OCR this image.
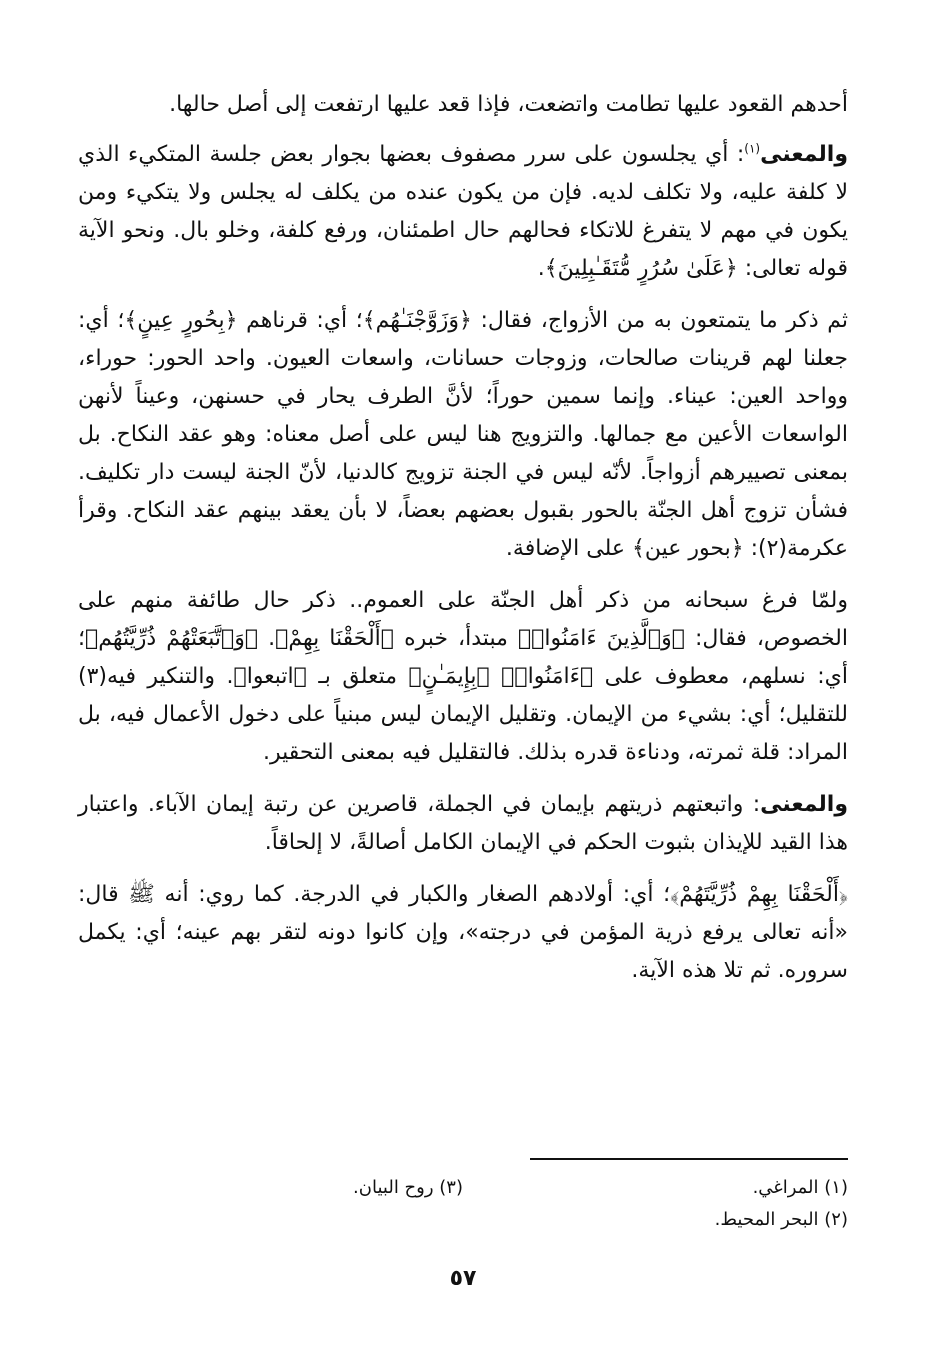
أحدهم القعود عليها تطامت واتضعت، فإذا قعد عليها ارتفعت إلى أصل حالها.

والمعنى$^{(١)}$: أي يجلسون على سرر مصفوف بعضها بجوار بعض جلسة المتكيء الذي لا كلفة عليه، ولا تكلف لديه. فإن من يكون عنده من يكلف له يجلس ولا يتكيء ومن يكون في مهم لا يتفرغ للاتكاء فحالهم حال اطمئنان، ورفع كلفة، وخلو بال. ونحو الآية قوله تعالى: ﴿عَلَىٰ سُرُرٍ مُّتَقَـٰبِلِينَ﴾.

ثم ذكر ما يتمتعون به من الأزواج، فقال: ﴿وَزَوَّجْنَـٰهُم﴾؛ أي: قرناهم ﴿بِحُورٍ عِينٍ﴾؛ أي: جعلنا لهم قرينات صالحات، وزوجات حسانات، واسعات العيون. واحد الحور: حوراء، وواحد العين: عيناء. وإنما سمين حوراً؛ لأنَّ الطرف يحار في حسنهن، وعيناً لأنهن الواسعات الأعين مع جمالها. والتزويج هنا ليس على أصل معناه: وهو عقد النكاح. بل بمعنى تصييرهم أزواجاً. لأنّه ليس في الجنة تزويج كالدنيا، لأنّ الجنة ليست دار تكليف. فشأن تزوج أهل الجنّة بالحور بقبول بعضهم بعضاً، لا بأن يعقد بينهم عقد النكاح. وقرأ عكرمة(٢): ﴿بحور عين﴾ على الإضافة.

ولمّا فرغ سبحانه من ذكر أهل الجنّة على العموم.. ذكر حال طائفة منهم على الخصوص، فقال: ﴿وَٱلَّذِينَ ءَامَنُوا۟﴾ مبتدأ، خبره ﴿أَلْحَقْنَا بِهِمْ﴾. ﴿وَٱتَّبَعَتْهُمْ ذُرِّيَّتُهُم﴾؛ أي: نسلهم، معطوف على ﴿ءَامَنُوا۟﴾ ﴿بِإِيمَـٰنٍ﴾ متعلق بـ ﴿اتبعوا﴾. والتنكير فيه(٣) للتقليل؛ أي: بشيء من الإيمان. وتقليل الإيمان ليس مبنياً على دخول الأعمال فيه، بل المراد: قلة ثمرته، ودناءة قدره بذلك. فالتقليل فيه بمعنى التحقير.

والمعنى: واتبعتهم ذريتهم بإيمان في الجملة، قاصرين عن رتبة إيمان الآباء. واعتبار هذا القيد للإيذان بثبوت الحكم في الإيمان الكامل أصالةً، لا إلحاقاً.

﴿أَلْحَقْنَا بِهِمْ ذُرِّيَّتَهُمْ﴾؛ أي: أولادهم الصغار والكبار في الدرجة. كما روي: أنه ﷺ قال: «أنه تعالى يرفع ذرية المؤمن في درجته»، وإن كانوا دونه لتقر بهم عينه؛ أي: يكمل سروره. ثم تلا هذه الآية.

(١) المراغي.
(٢) البحر المحيط.
(٣) روح البيان.
٥٧
